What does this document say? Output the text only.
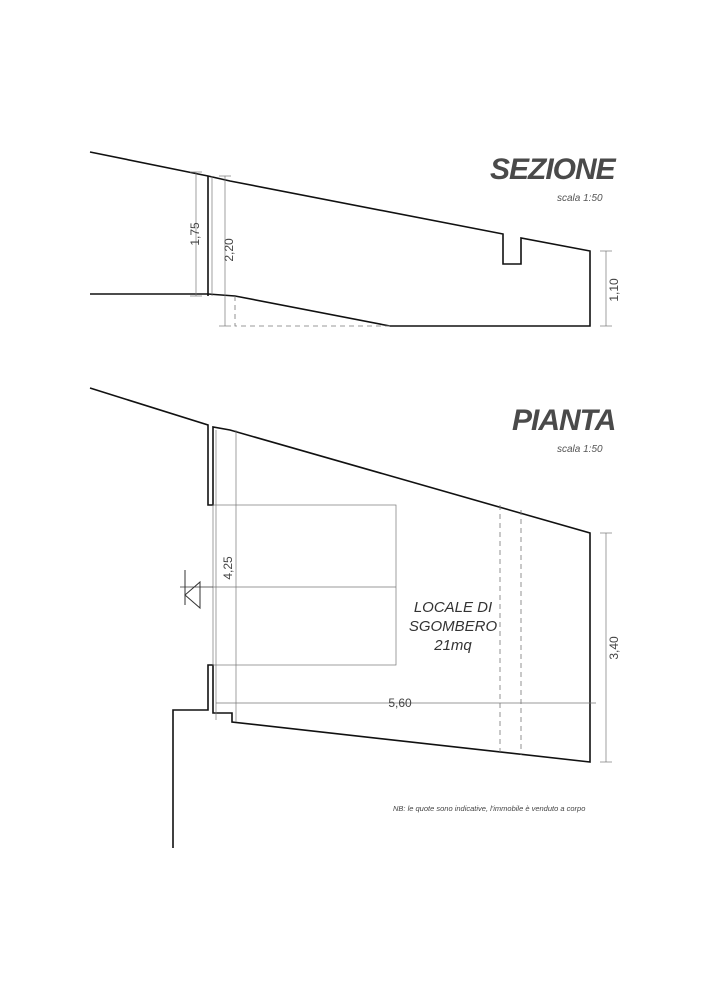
1,75
2,20
1,10
4,25
3,40
5,60
SEZIONE
scala 1:50
PIANTA
scala 1:50
LOCALE DI
SGOMBERO
21mq
NB: le quote sono indicative, l'immobile è venduto a corpo
